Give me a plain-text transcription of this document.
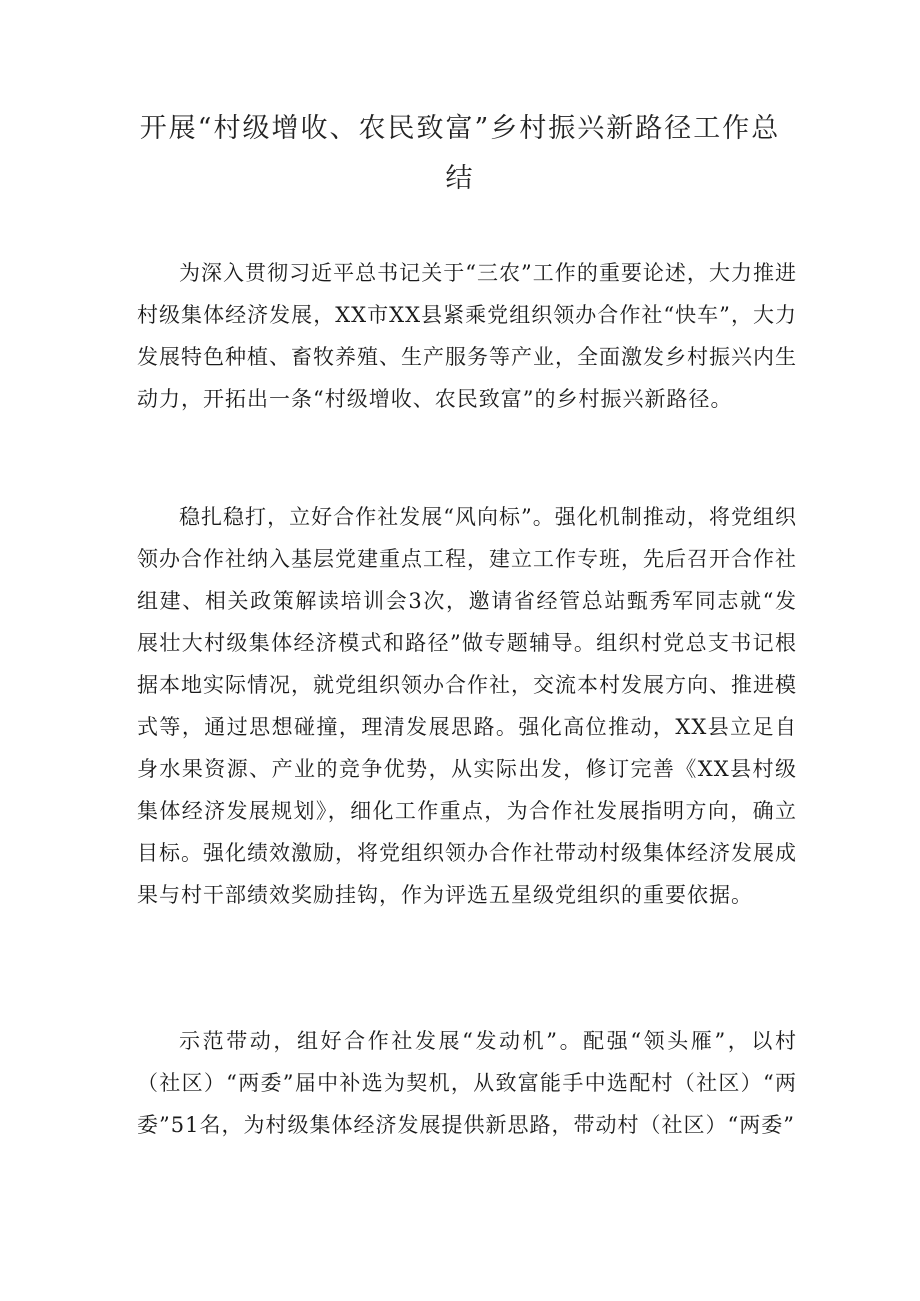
开展“村级增收、农民致富”乡村振兴新路径工作总结

为深入贯彻习近平总书记关于“三农”工作的重要论述，大力推进村级集体经济发展，XX市XX县紧乘党组织领办合作社“快车”，大力发展特色种植、畜牧养殖、生产服务等产业，全面激发乡村振兴内生动力，开拓出一条“村级增收、农民致富”的乡村振兴新路径。

稳扎稳打，立好合作社发展“风向标”。强化机制推动，将党组织领办合作社纳入基层党建重点工程，建立工作专班，先后召开合作社组建、相关政策解读培训会3次，邀请省经管总站甄秀军同志就“发展壮大村级集体经济模式和路径”做专题辅导。组织村党总支书记根据本地实际情况，就党组织领办合作社，交流本村发展方向、推进模式等，通过思想碰撞，理清发展思路。强化高位推动，XX县立足自身水果资源、产业的竞争优势，从实际出发，修订完善《XX县村级集体经济发展规划》，细化工作重点，为合作社发展指明方向，确立目标。强化绩效激励，将党组织领办合作社带动村级集体经济发展成果与村干部绩效奖励挂钩，作为评选五星级党组织的重要依据。

示范带动，组好合作社发展“发动机”。配强“领头雁”，以村（社区）“两委”届中补选为契机，从致富能手中选配村（社区）“两委”51名，为村级集体经济发展提供新思路，带动村（社区）“两委”
